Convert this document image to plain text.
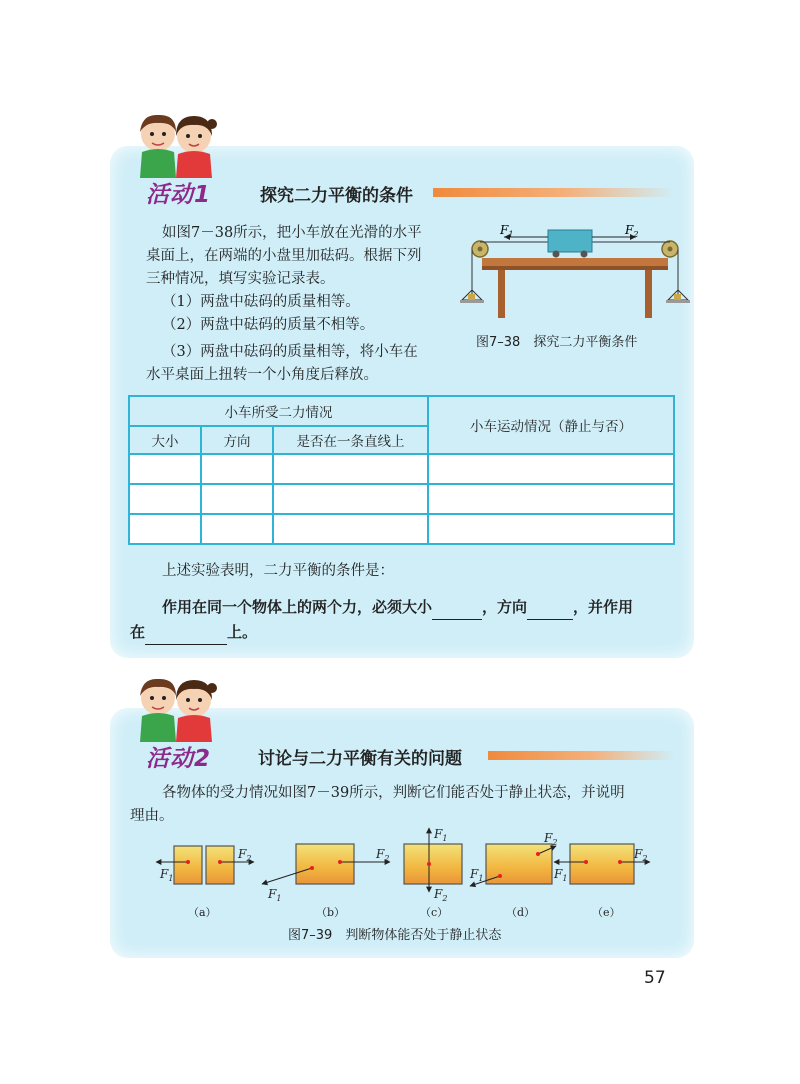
活动1	探究二力平衡的条件
如图7－38所示，把小车放在光滑的水平
桌面上，在两端的小盘里加砝码。根据下列
三种情况，填写实验记录表。
（1）两盘中砝码的质量相等。
（2）两盘中砝码的质量不相等。
（3）两盘中砝码的质量相等，将小车在
水平桌面上扭转一个小角度后释放。
$F_1$	$F_2$
图7–38　探究二力平衡条件
小车所受二力情况			小车运动情况（静止与否）
大小	方向	是否在一条直线上	

上述实验表明，二力平衡的条件是：
作用在同一个物体上的两个力，必须大小	，方向	，并作用
在	上。
活动2	讨论与二力平衡有关的问题
各物体的受力情况如图7－39所示，判断它们能否处于静止状态，并说明
理由。
$F_1$
$F_2$
（a）
$F_1$
$F_2$
（b）
$F_1$
$F_2$
（c）
$F_2$
$F_1$
（d）
$F_1$
$F_2$
（e）
图7–39　判断物体能否处于静止状态
57
